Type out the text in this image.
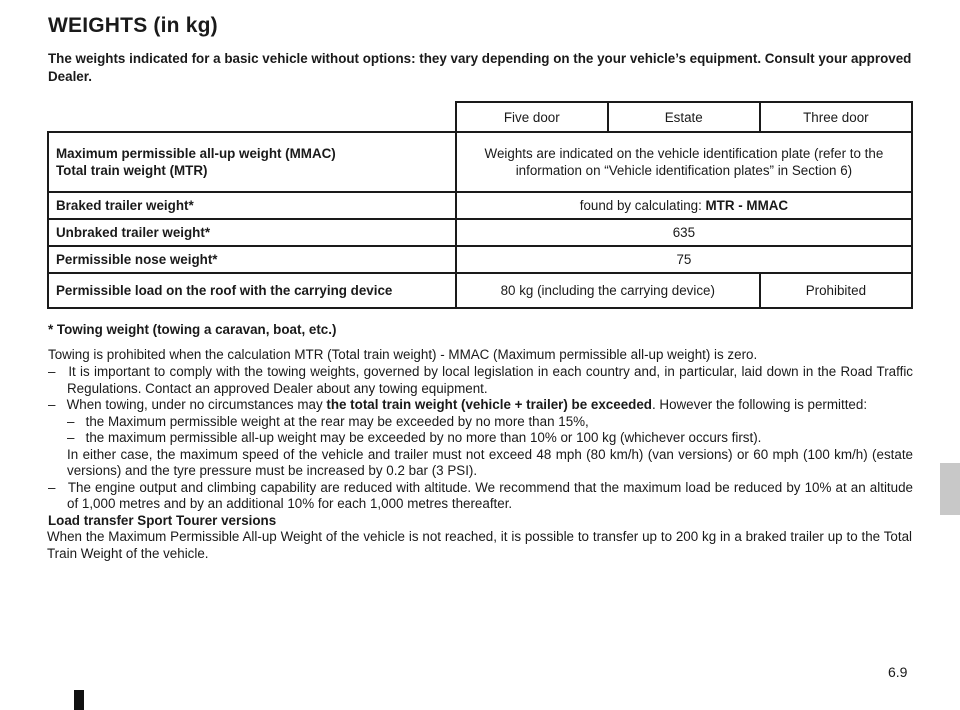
WEIGHTS (in kg)
The weights indicated for a basic vehicle without options: they vary depending on the your vehicle’s equipment. Consult your approved Dealer.
	Five door	Estate	Three door

Maximum permissible all-up weight (MMAC)
Total train weight (MTR)	Weights are indicated on the vehicle identification plate (refer to the information on “Vehicle identification plates” in Section 6)		
Braked trailer weight*	found by calculating: MTR - MMAC		
Unbraked trailer weight*	635		
Permissible nose weight*	75		
Permissible load on the roof with the carrying device	80 kg (including the carrying device)		Prohibited

* Towing weight (towing a caravan, boat, etc.)

Towing is prohibited when the calculation MTR (Total train weight) - MMAC (Maximum permissible all-up weight) is zero.

– It is important to comply with the towing weights, governed by local legislation in each country and, in particular, laid down in the Road Traffic Regulations. Contact an approved Dealer about any towing equipment.

– When towing, under no circumstances may the total train weight (vehicle + trailer) be exceeded. However the following is permitted:

– the Maximum permissible weight at the rear may be exceeded by no more than 15%,

– the maximum permissible all-up weight may be exceeded by no more than 10% or 100 kg (whichever occurs first).

In either case, the maximum speed of the vehicle and trailer must not exceed 48 mph (80 km/h) (van versions) or 60 mph (100 km/h) (estate versions) and the tyre pressure must be increased by 0.2 bar (3 PSI).

– The engine output and climbing capability are reduced with altitude. We recommend that the maximum load be reduced by 10% at an altitude of 1,000 metres and by an additional 10% for each 1,000 metres thereafter.

Load transfer Sport Tourer versions

When the Maximum Permissible All-up Weight of the vehicle is not reached, it is possible to transfer up to 200 kg in a braked trailer up to the Total Train Weight of the vehicle.

6.9
